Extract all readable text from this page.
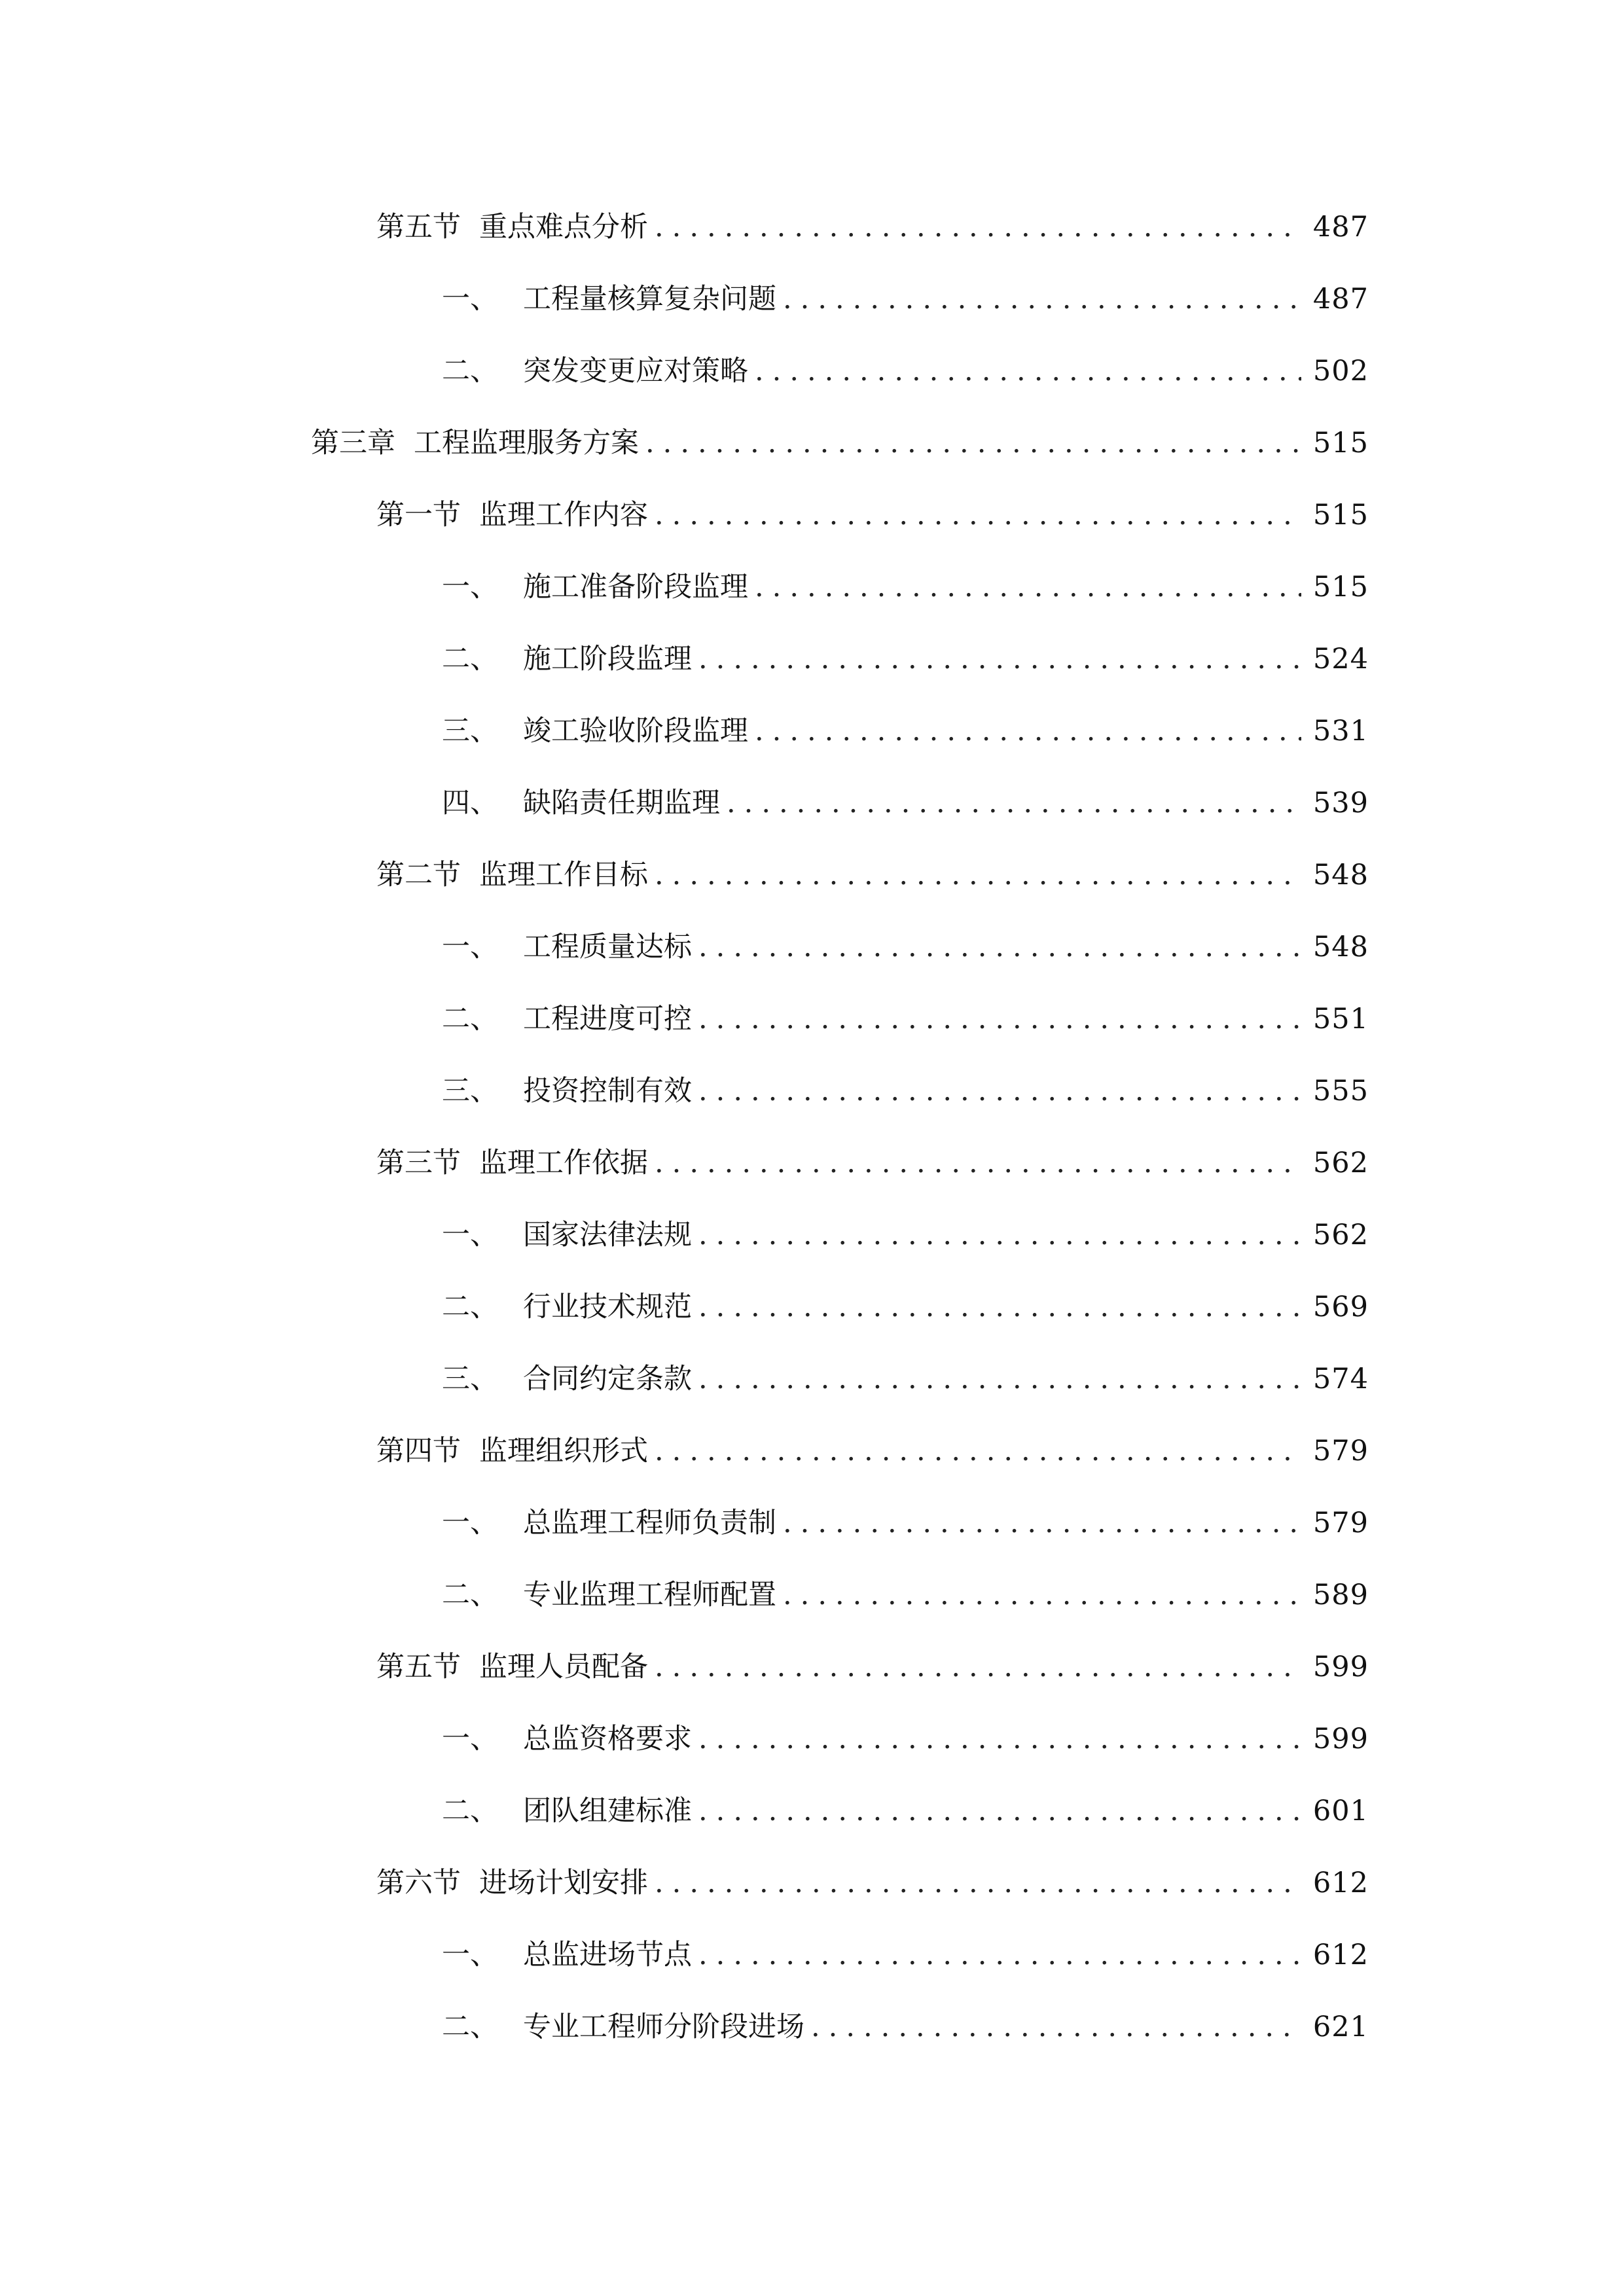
第五节 重点难点分析 .....	487
一、 工程量核算复杂问题 .....	487
二、 突发变更应对策略 .....	502
第三章 工程监理服务方案 .....	515
第一节 监理工作内容 .....	515
一、 施工准备阶段监理 .....	515
二、 施工阶段监理 .....	524
三、 竣工验收阶段监理 .....	531
四、 缺陷责任期监理 .....	539
第二节 监理工作目标 .....	548
一、 工程质量达标 .....	548
二、 工程进度可控 .....	551
三、 投资控制有效 .....	555
第三节 监理工作依据 .....	562
一、 国家法律法规 .....	562
二、 行业技术规范 .....	569
三、 合同约定条款 .....	574
第四节 监理组织形式 .....	579
一、 总监理工程师负责制 .....	579
二、 专业监理工程师配置 .....	589
第五节 监理人员配备 .....	599
一、 总监资格要求 .....	599
二、 团队组建标准 .....	601
第六节 进场计划安排 .....	612
一、 总监进场节点 .....	612
二、 专业工程师分阶段进场 .....	621
